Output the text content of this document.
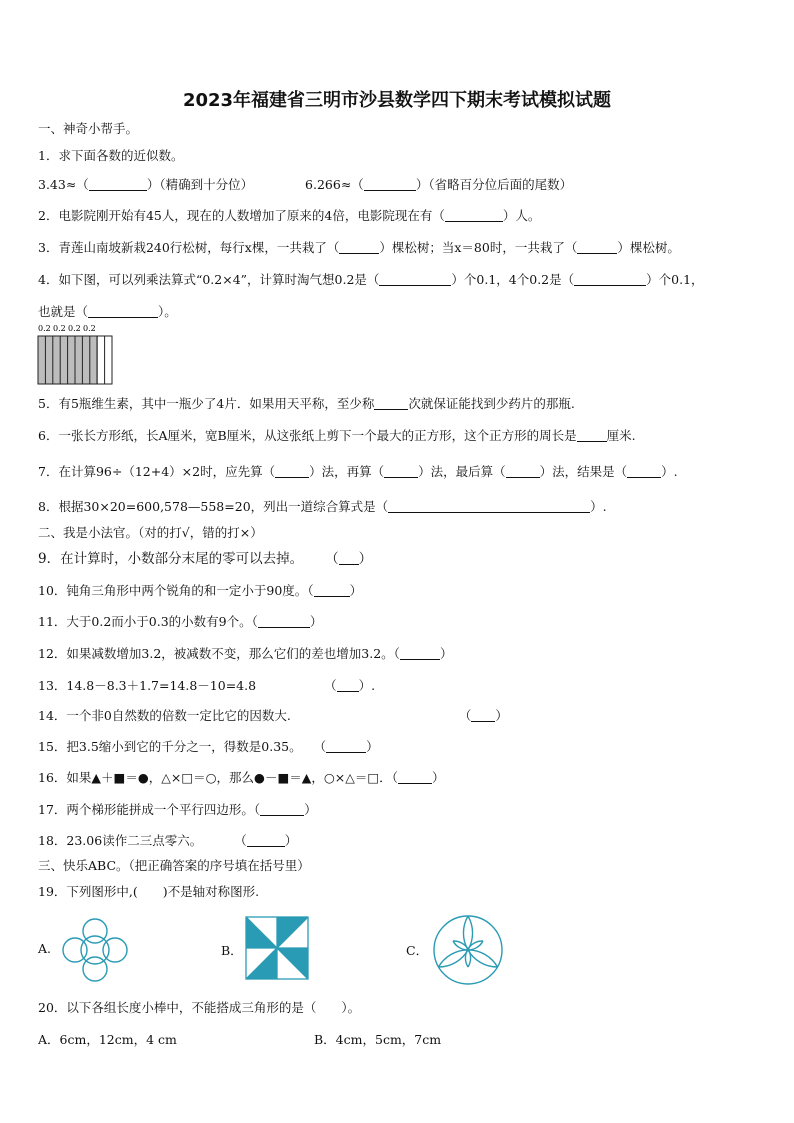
2023年福建省三明市沙县数学四下期末考试模拟试题
一、神奇小帮手。
1．求下面各数的近似数。
3.43≈（	）（精确到十分位）	6.266≈（	）（省略百分位后面的尾数）
2．电影院刚开始有45人，现在的人数增加了原来的4倍，电影院现在有（	）人。
3．青莲山南坡新栽240行松树，每行x棵，一共栽了（	）棵松树；当x＝80时，一共栽了（	）棵松树。
4．如下图，可以列乘法算式“0.2×4”，计算时淘气想0.2是（	）个0.1，4个0.2是（	）个0.1，
也就是（	）。
0.2 0.2 0.2 0.2
5．有5瓶维生素，其中一瓶少了4片．如果用天平称，至少称	次就保证能找到少药片的那瓶.
6．一张长方形纸，长A厘米，宽B厘米，从这张纸上剪下一个最大的正方形，这个正方形的周长是 厘米.
7．在计算96÷（12+4）×2时，应先算（	）法，再算（	）法，最后算（	）法，结果是（	）.
8．根据30×20=600,578—558=20，列出一道综合算式是（	）.
二、我是小法官。（对的打√，错的打×）
9．在计算时，小数部分末尾的零可以去掉。 （ ）
10．钝角三角形中两个锐角的和一定小于90度。（	）
11．大于0.2而小于0.3的小数有9个。（	）
12．如果减数增加3.2，被减数不变，那么它们的差也增加3.2。（	）
13．14.8－8.3＋1.7=14.8－10=4.8	（ ）.
14．一个非0自然数的倍数一定比它的因数大.	（ ）
15．把3.5缩小到它的千分之一，得数是0.35。 （	）
16．如果▲＋■＝●，△×□＝○，那么●－■＝▲，○×△＝□．（	）
17．两个梯形能拼成一个平行四边形。（	）
18．23.06读作二三点零六。	（	）
三、快乐ABC。（把正确答案的序号填在括号里）
19．下列图形中,(　　)不是轴对称图形.
A.	B．	C．
20．以下各组长度小棒中，不能搭成三角形的是（　　）。
A．6cm，12cm，4 cm	B．4cm，5cm，7cm
